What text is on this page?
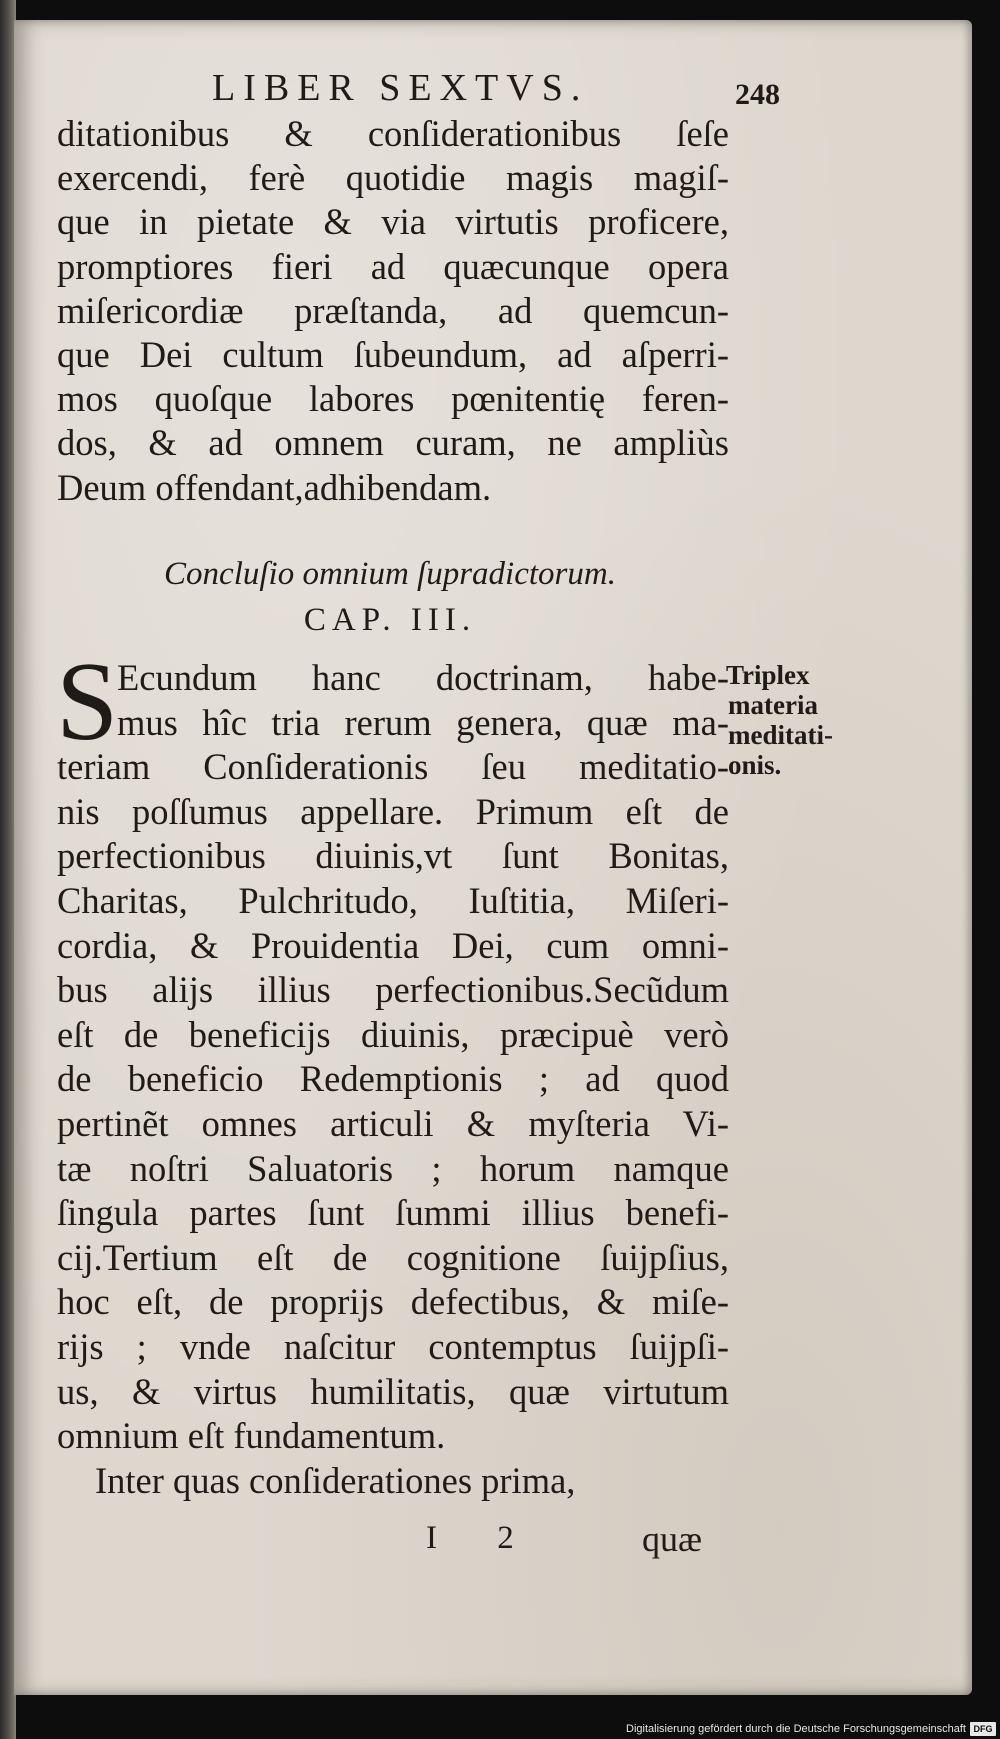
LIBER SEXTVS.	248
ditationibus & conſiderationibus ſeſe
exercendi, ferè quotidie magis magiſ-
que in pietate & via virtutis proficere,
promptiores fieri ad quæcunque opera
miſericordiæ præſtanda, ad quemcun-
que Dei cultum ſubeundum, ad aſperri-
mos quoſque labores pœnitentię feren-
dos, & ad omnem curam, ne ampliùs
Deum offendant,adhibendam.
Concluſio omnium ſupradictorum.
CAP. III.
S
Ecundum hanc doctrinam, habe-
mus hîc tria rerum genera, quæ ma-
teriam Conſiderationis ſeu meditatio-
nis poſſumus appellare. Primum eſt de
perfectionibus diuinis,vt ſunt Bonitas,
Charitas, Pulchritudo, Iuſtitia, Miſeri-
cordia, & Prouidentia Dei, cum omni-
bus alijs illius perfectionibus.Secũdum
eſt de beneficijs diuinis, præcipuè verò
de beneficio Redemptionis ; ad quod
pertinẽt omnes articuli & myſteria Vi-
tæ noſtri Saluatoris ; horum namque
ſingula partes ſunt ſummi illius benefi-
cij.Tertium eſt de cognitione ſuijpſius,
hoc eſt, de proprijs defectibus, & miſe-
rijs ; vnde naſcitur contemptus ſuijpſi-
us, & virtus humilitatis, quæ virtutum
omnium eſt fundamentum.
Inter quas conſiderationes prima,
Triplex
materia
meditati-
onis.
I 2	quæ
Digitalisierung gefördert durch die Deutsche Forschungsgemeinschaft DFG
